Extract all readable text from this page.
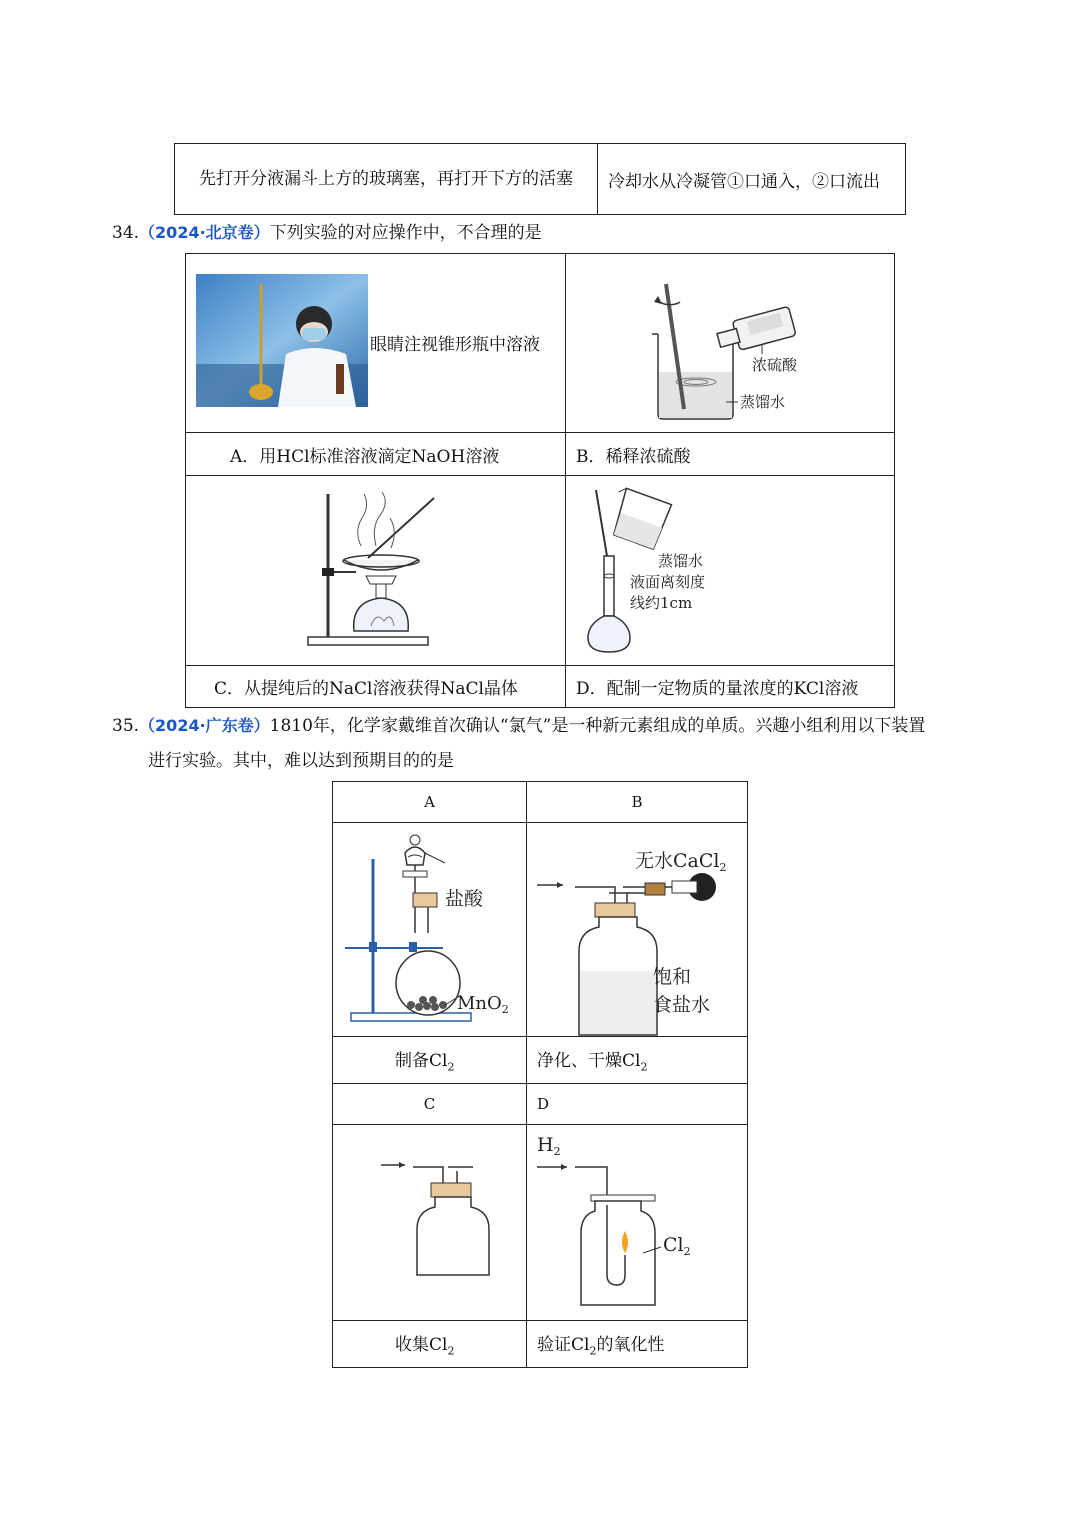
先打开分液漏斗上方的玻璃塞，再打开下方的活塞	冷却水从冷凝管①口通入，②口流出
34.（2024·北京卷）下列实验的对应操作中，不合理的是
眼睛注视锥形瓶中溶液	浓硫酸
蒸馏水

A．用HCl标准溶液滴定NaOH溶液	B．稀释浓硫酸

蒸馏水
液面离刻度
线约1cm

C．从提纯后的NaCl溶液获得NaCl晶体	D．配制一定物质的量浓度的KCl溶液
35.（2024·广东卷）1810年，化学家戴维首次确认“氯气”是一种新元素组成的单质。兴趣小组利用以下装置
进行实验。其中，难以达到预期目的的是
A	B

盐酸
MnO$_2$	无水CaCl$_2$
饱和
食盐水

制备$Cl_2$	净化、干燥$Cl_2$
C	D

$H_2$
$Cl_2$

收集$Cl_2$	验证$Cl_2$的氧化性
